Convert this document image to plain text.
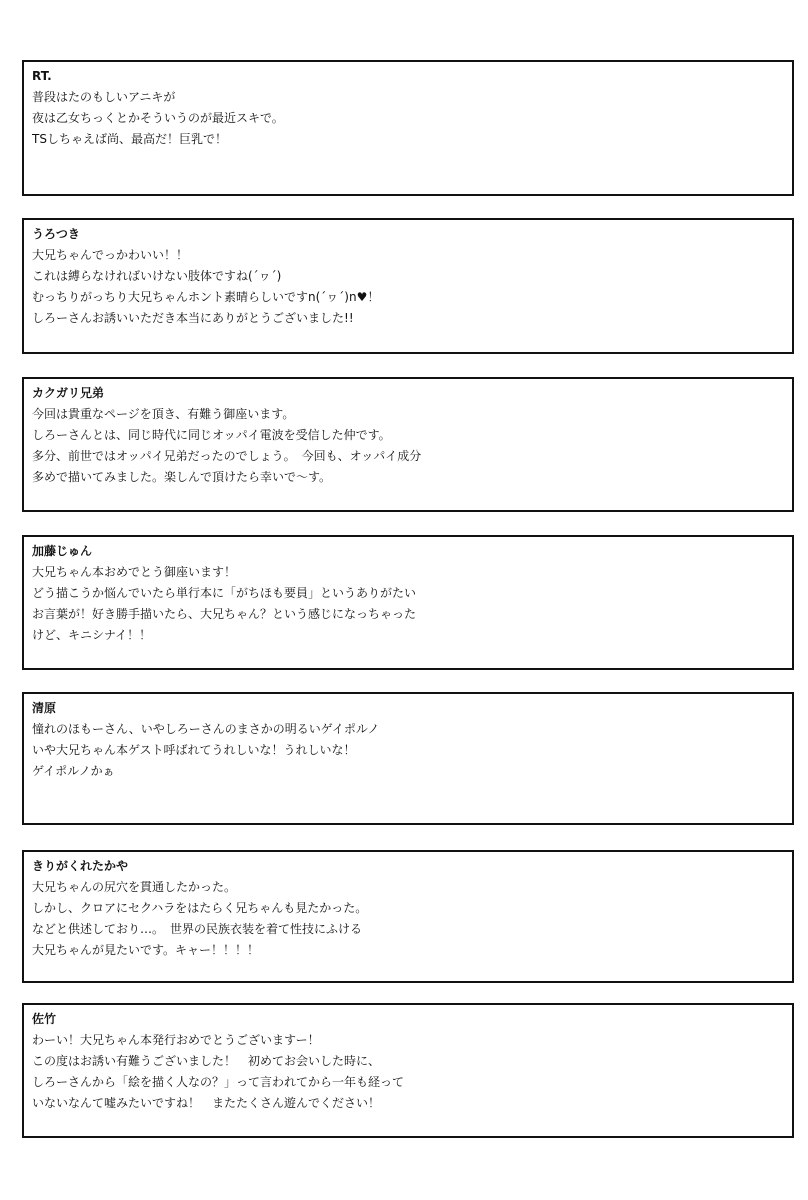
RT.

普段はたのもしいアニキが

夜は乙女ちっくとかそういうのが最近スキで。

TSしちゃえば尚、最高だ！巨乳で！

うろつき

大兄ちゃんでっかわいい！！

これは縛らなければいけない肢体ですね(´ヮ´)

むっちりがっちり大兄ちゃんホント素晴らしいですn(´ヮ´)n♥！

しろーさんお誘いいただき本当にありがとうございました!!

カクガリ兄弟

今回は貴重なページを頂き、有難う御座います。

しろーさんとは、同じ時代に同じオッパイ電波を受信した仲です。

多分、前世ではオッパイ兄弟だったのでしょう。　今回も、オッパイ成分

多めで描いてみました。楽しんで頂けたら幸いで～す。

加藤じゅん

大兄ちゃん本おめでとう御座います！

どう描こうか悩んでいたら単行本に「がちほも要員」というありがたい

お言葉が！好き勝手描いたら、大兄ちゃん？という感じになっちゃった

けど、キニシナイ！！

清原

憧れのほもーさん、いやしろーさんのまさかの明るいゲイポルノ

いや大兄ちゃん本ゲスト呼ばれてうれしいな！うれしいな！

ゲイポルノかぁ

きりがくれたかや

大兄ちゃんの尻穴を貫通したかった。

しかし、クロアにセクハラをはたらく兄ちゃんも見たかった。

などと供述しており…。　世界の民族衣装を着て性技にふける

大兄ちゃんが見たいです。キャー！！！！

佐竹

わーい！大兄ちゃん本発行おめでとうございますー！

この度はお誘い有難うございました！　初めてお会いした時に、

しろーさんから「絵を描く人なの？」って言われてから一年も経って

いないなんて嘘みたいですね！　またたくさん遊んでください！
